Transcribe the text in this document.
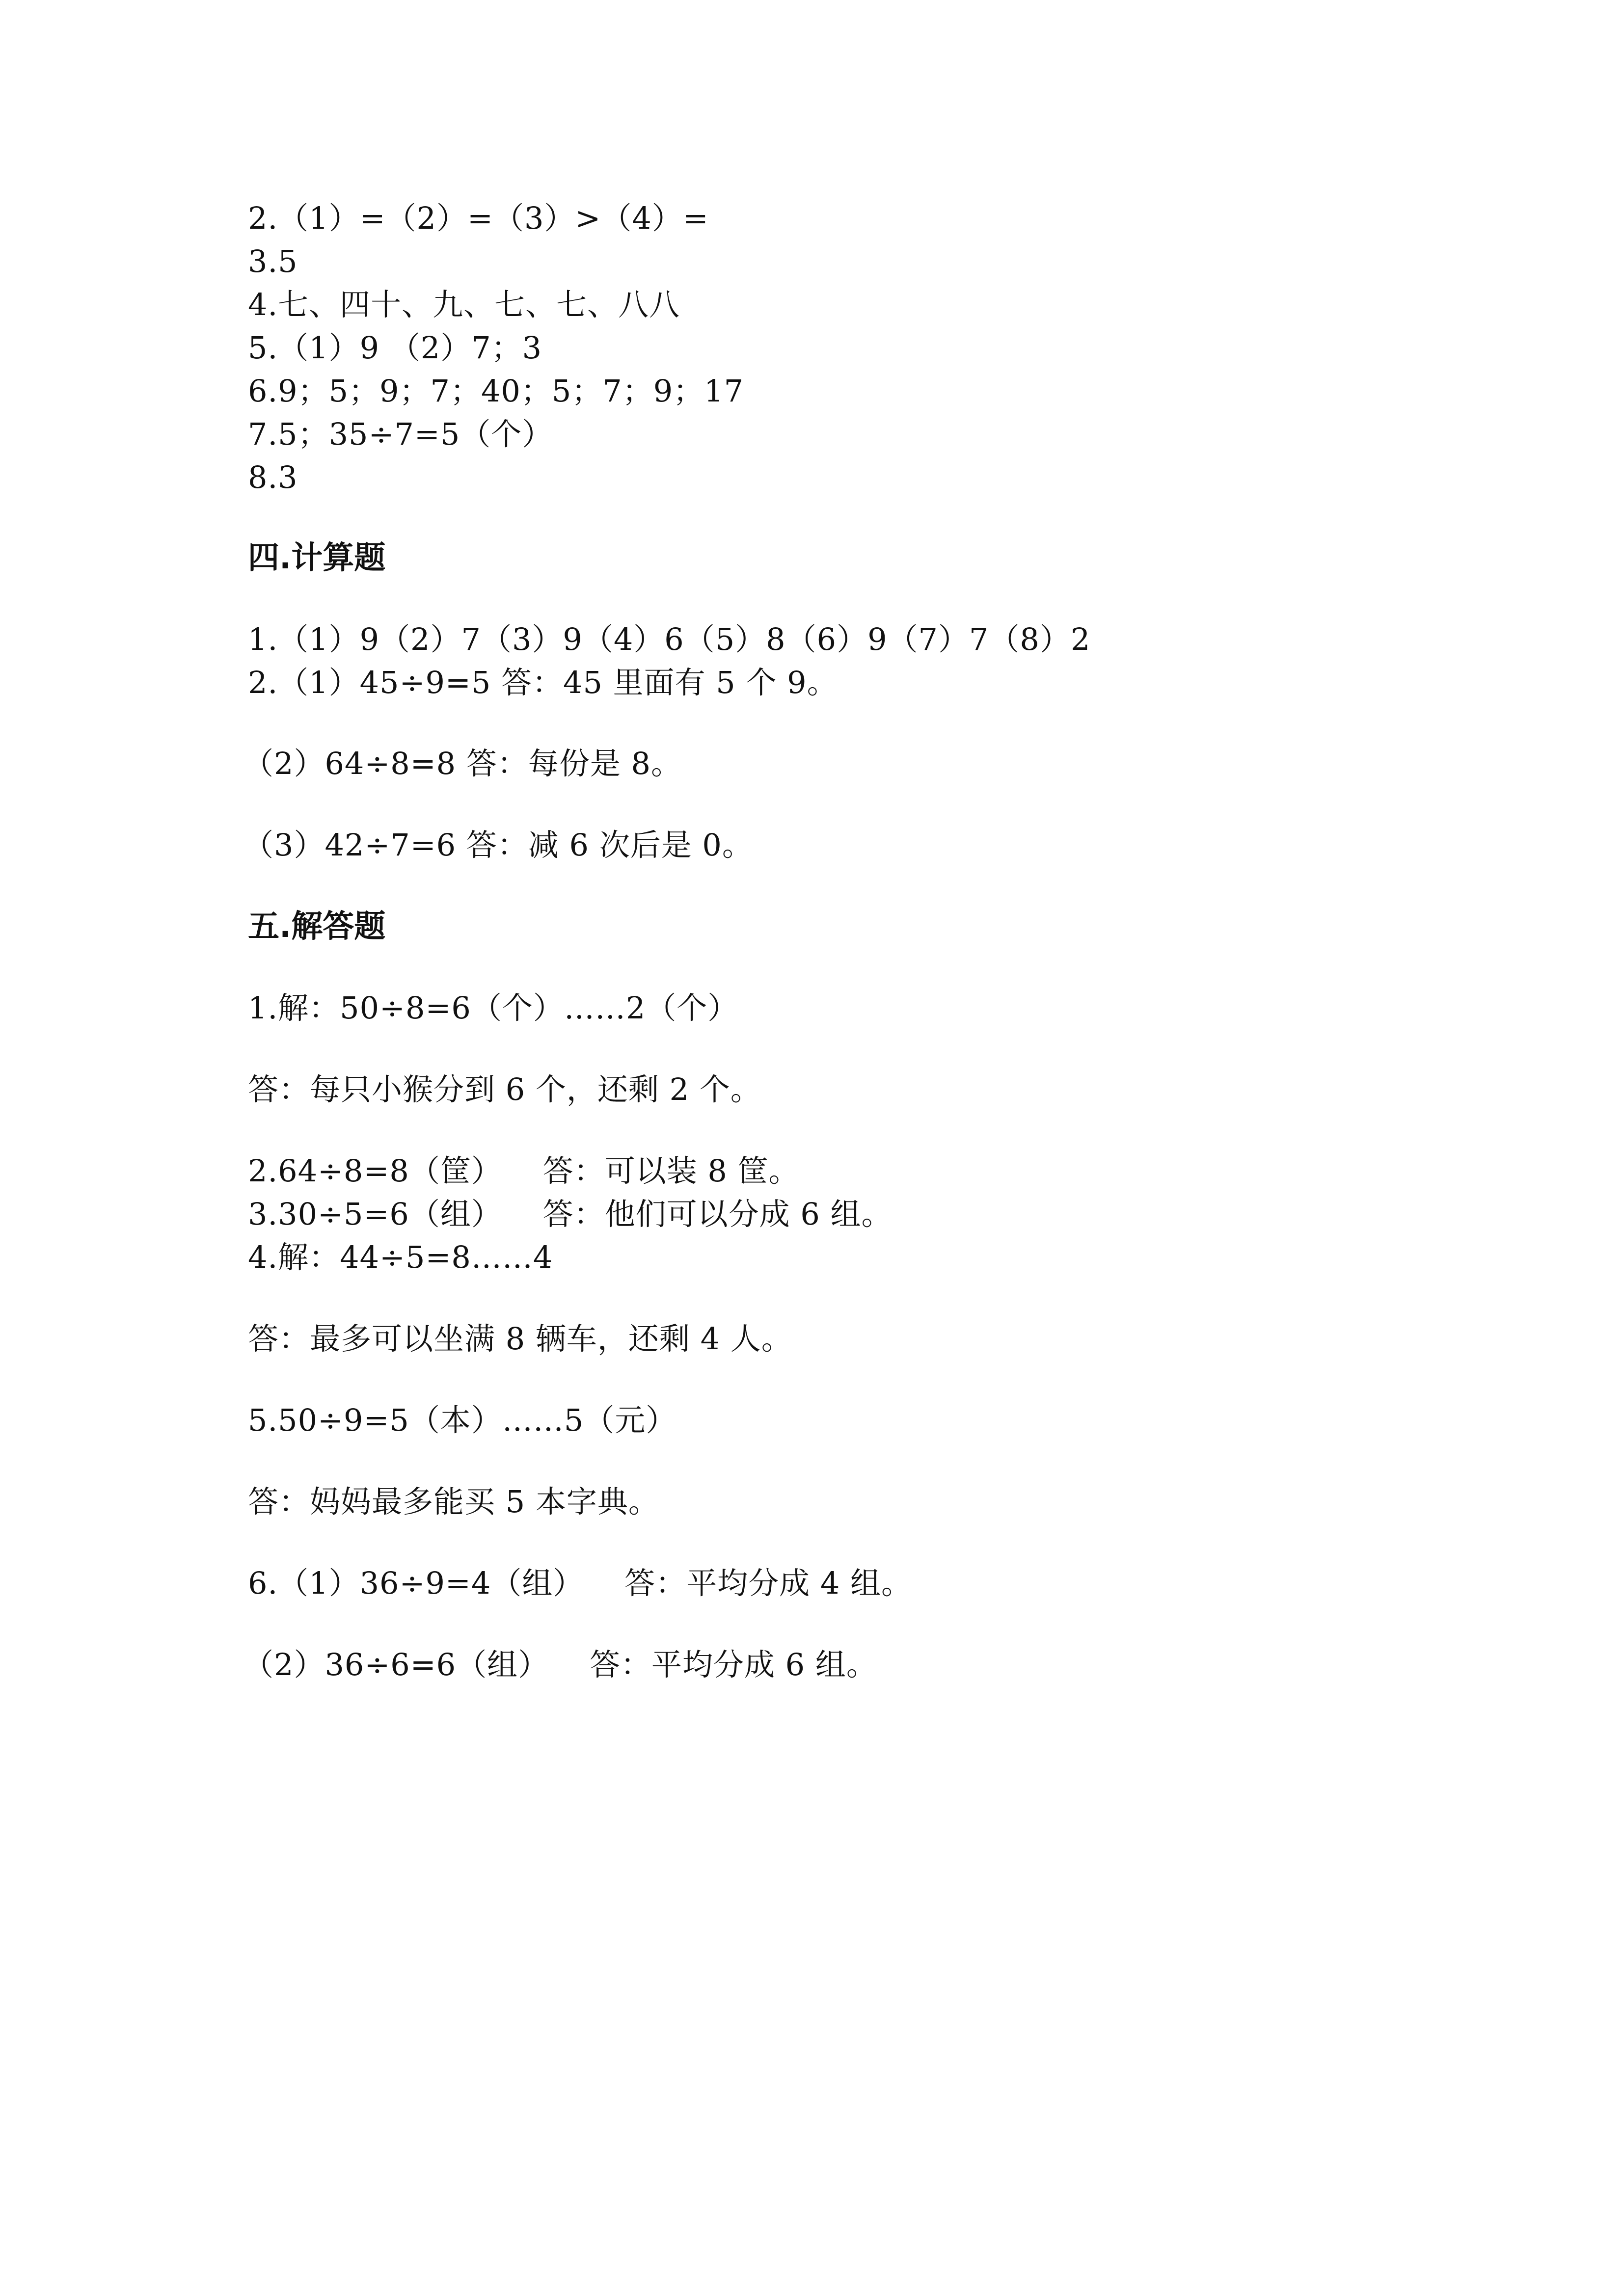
2.（1）=（2）=（3）>（4）=
3.5
4.七、四十、九、七、七、八八
5.（1）9 （2）7；3
6.9；5；9；7；40；5；7；9；17
7.5；35÷7=5（个）
8.3
四.计算题
1.（1）9（2）7（3）9（4）6（5）8（6）9（7）7（8）2
2.（1）45÷9=5 答：45 里面有 5 个 9。
（2）64÷8=8 答：每份是 8。
（3）42÷7=6 答：减 6 次后是 0。
五.解答题
1.解：50÷8=6（个）……2（个）
答：每只小猴分到 6 个，还剩 2 个。
2.64÷8=8（筐）    答：可以装 8 筐。
3.30÷5=6（组）    答：他们可以分成 6 组。
4.解：44÷5=8……4
答：最多可以坐满 8 辆车，还剩 4 人。
5.50÷9=5（本）……5（元）
答：妈妈最多能买 5 本字典。
6.（1）36÷9=4（组）    答：平均分成 4 组。
（2）36÷6=6（组）    答：平均分成 6 组。
